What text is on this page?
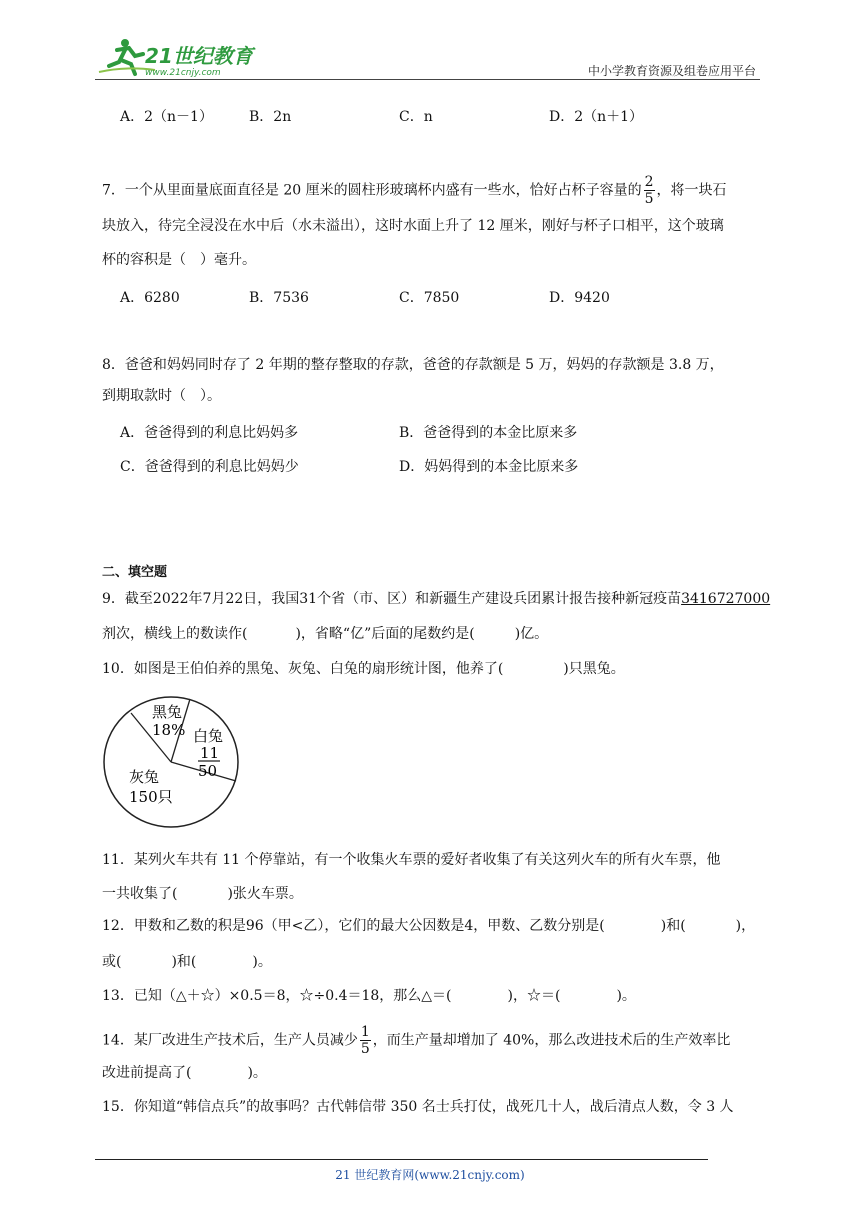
21世纪教育
www.21cnjy.com	中小学教育资源及组卷应用平台
A．2（n－1）	B．2n	C．n	D．2（n＋1）
7．一个从里面量底面直径是 20 厘米的圆柱形玻璃杯内盛有一些水，恰好占杯子容量的 $\frac{2}{5}$ ，将一块石
块放入，待完全浸没在水中后（水未溢出），这时水面上升了 12 厘米，刚好与杯子口相平，这个玻璃
杯的容积是（　）毫升。
A．6280	B．7536	C．7850	D．9420
8．爸爸和妈妈同时存了 2 年期的整存整取的存款，爸爸的存款额是 5 万，妈妈的存款额是 3.8 万，
到期取款时（　）。
A．爸爸得到的利息比妈妈多	B．爸爸得到的本金比原来多
C．爸爸得到的利息比妈妈少	D．妈妈得到的本金比原来多
二、填空题
9．截至2022年7月22日，我国31个省（市、区）和新疆生产建设兵团累计报告接种新冠疫苗3416727000
剂次，横线上的数读作(	)，省略“亿”后面的尾数约是(	)亿。
10．如图是王伯伯养的黑兔、灰兔、白兔的扇形统计图，他养了(	)只黑兔。
黑兔
18% 白兔
11
50
灰兔
150只
11．某列火车共有 11 个停靠站，有一个收集火车票的爱好者收集了有关这列火车的所有火车票，他
一共收集了(	)张火车票。
12．甲数和乙数的积是96（甲<乙），它们的最大公因数是4，甲数、乙数分别是(	)和(	)，
或(	)和(	)。
13．已知（△＋☆）×0.5＝8，☆÷0.4＝18，那么△＝(	)，☆＝(	)。
14．某厂改进生产技术后，生产人员减少 $\frac{1}{5}$ ，而生产量却增加了 40%，那么改进技术后的生产效率比
改进前提高了(	)。
15．你知道“韩信点兵”的故事吗？古代韩信带 350 名士兵打仗，战死几十人，战后清点人数，令 3 人
21 世纪教育网(www.21cnjy.com)
